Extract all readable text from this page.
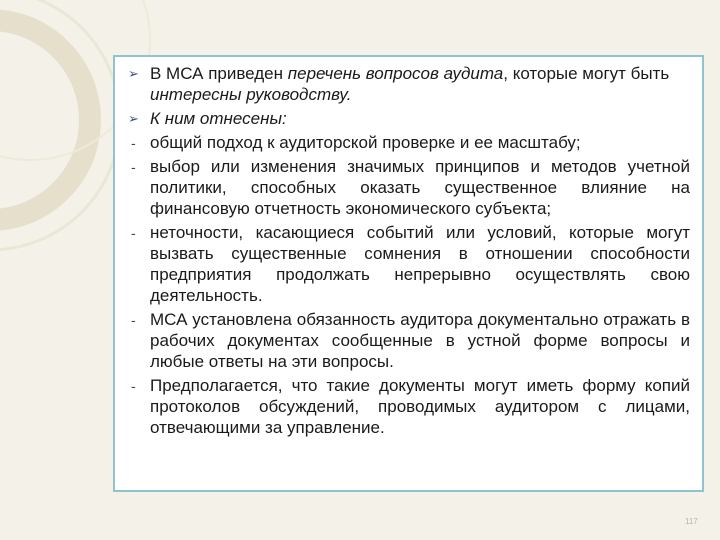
➢ В МСА приведен перечень вопросов аудита, которые могут быть интересны руководству.

➢ К ним отнесены:

- общий подход к аудиторской проверке и ее масштабу;

- выбор или изменения значимых принципов и методов учетной политики, способных оказать существенное влияние на финансовую отчетность экономического субъекта;

- неточности, касающиеся событий или условий, которые могут вызвать существенные сомнения в отношении способности предприятия продолжать непрерывно осуществлять свою деятельность.

- МСА установлена обязанность аудитора документально отражать в рабочих документах сообщенные в устной форме вопросы и любые ответы на эти вопросы.

- Предполагается, что такие документы могут иметь форму копий протоколов обсуждений, проводимых аудитором с лицами, отвечающими за управление.

117
